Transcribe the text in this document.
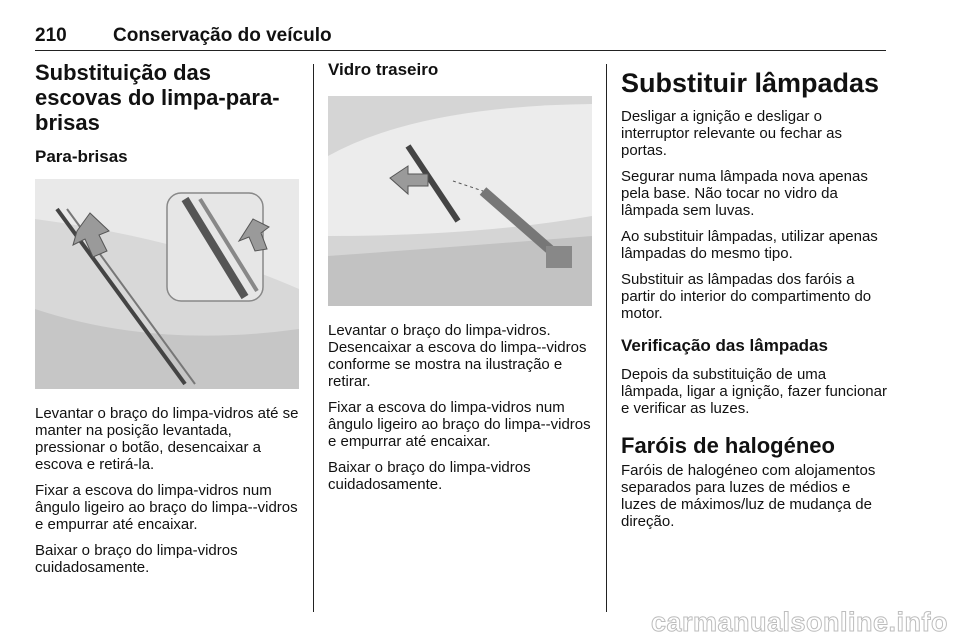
210 Conservação do veículo
Substituição das escovas do limpa-para-brisas
Para-brisas

Levantar o braço do limpa-vidros até se manter na posição levantada, pressionar o botão, desencaixar a escova e retirá-la.

Fixar a escova do limpa-vidros num ângulo ligeiro ao braço do limpa--vidros e empurrar até encaixar.

Baixar o braço do limpa-vidros cuidadosamente.

Vidro traseiro

Levantar o braço do limpa-vidros. Desencaixar a escova do limpa--vidros conforme se mostra na ilustração e retirar.

Fixar a escova do limpa-vidros num ângulo ligeiro ao braço do limpa--vidros e empurrar até encaixar.

Baixar o braço do limpa-vidros cuidadosamente.

Substituir lâmpadas

Desligar a ignição e desligar o interruptor relevante ou fechar as portas.

Segurar numa lâmpada nova apenas pela base. Não tocar no vidro da lâmpada sem luvas.

Ao substituir lâmpadas, utilizar apenas lâmpadas do mesmo tipo.

Substituir as lâmpadas dos faróis a partir do interior do compartimento do motor.

Verificação das lâmpadas

Depois da substituição de uma lâmpada, ligar a ignição, fazer funcionar e verificar as luzes.

Faróis de halogéneo

Faróis de halogéneo com alojamentos separados para luzes de médios e luzes de máximos/luz de mudança de direção.

carmanualsonline.info
